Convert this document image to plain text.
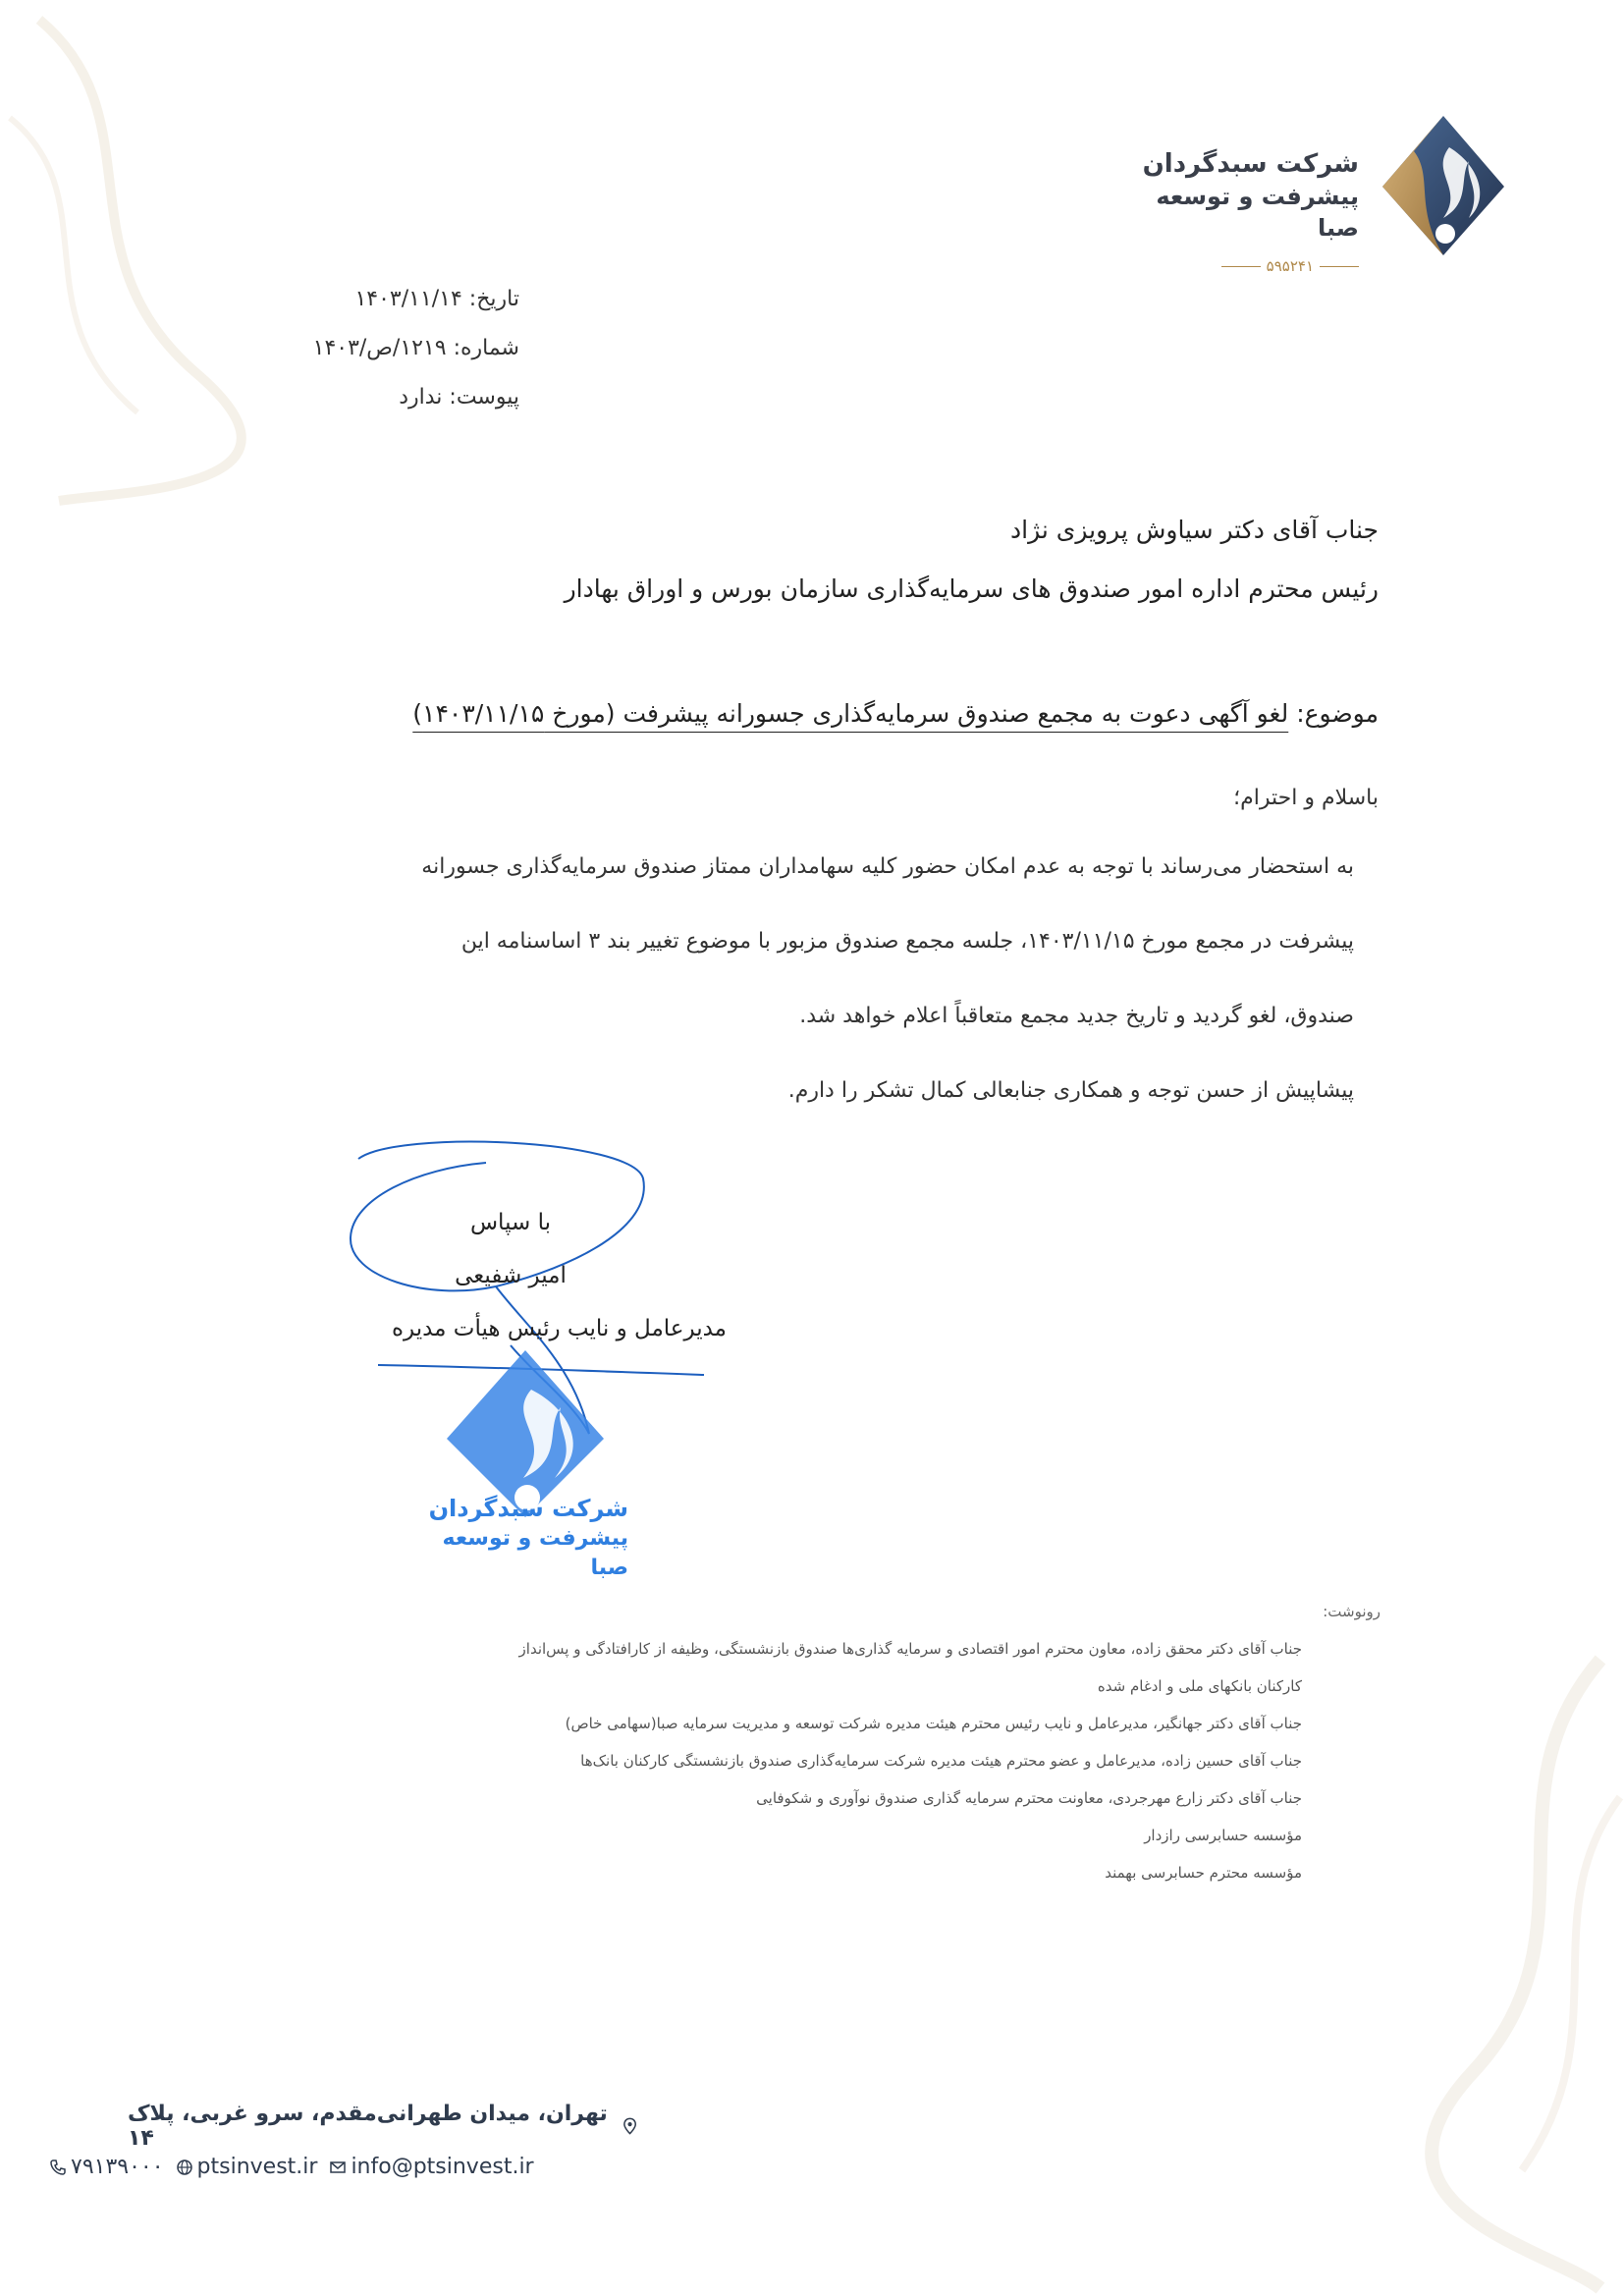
شرکت سبدگردان
پیشرفت و توسعه صبا
۵۹۵۲۴۱
تاریخ: ۱۴۰۳/۱۱/۱۴
شماره: ۱۲۱۹/ص/۱۴۰۳
پیوست: ندارد
جناب آقای دکتر سیاوش پرویزی نژاد
رئیس محترم اداره امور صندوق های سرمایه‌گذاری سازمان بورس و اوراق بهادار
موضوع: لغو آگهی دعوت به مجمع صندوق سرمایه‌گذاری جسورانه پیشرفت (مورخ ۱۴۰۳/۱۱/۱۵)
باسلام و احترام؛

به استحضار می‌رساند با توجه به عدم امکان حضور کلیه سهامداران ممتاز صندوق سرمایه‌گذاری جسورانه

پیشرفت در مجمع مورخ ۱۴۰۳/۱۱/۱۵، جلسه مجمع صندوق مزبور با موضوع تغییر بند ۳ اساسنامه این

صندوق، لغو گردید و تاریخ جدید مجمع متعاقباً اعلام خواهد شد.

پیشاپیش از حسن توجه و همکاری جنابعالی کمال تشکر را دارم.

با سپاس
امیر شفیعی
مدیرعامل و نایب رئیس هیأت مدیره
شرکت سبدگردان
پیشرفت و توسعه صبا
رونوشت:
جناب آقای دکتر محقق زاده، معاون محترم امور اقتصادی و سرمایه گذاری‌ها صندوق بازنشستگی، وظیفه از کارافتادگی و پس‌انداز
کارکنان بانکهای ملی و ادغام شده
جناب آقای دکتر جهانگیر، مدیرعامل و نایب رئیس محترم هیئت مدیره شرکت توسعه و مدیریت سرمایه صبا(سهامی خاص)
جناب آقای حسین زاده، مدیرعامل و عضو محترم هیئت مدیره شرکت سرمایه‌گذاری صندوق بازنشستگی کارکنان بانک‌ها
جناب آقای دکتر زارع مهرجردی، معاونت محترم سرمایه گذاری صندوق نوآوری و شکوفایی
مؤسسه حسابرسی رازدار
مؤسسه محترم حسابرسی بهمند
تهران، میدان طهرانی‌مقدم، سرو غربی، پلاک ۱۴
۷۹۱۳۹۰۰۰ ptsinvest.ir info@ptsinvest.ir
